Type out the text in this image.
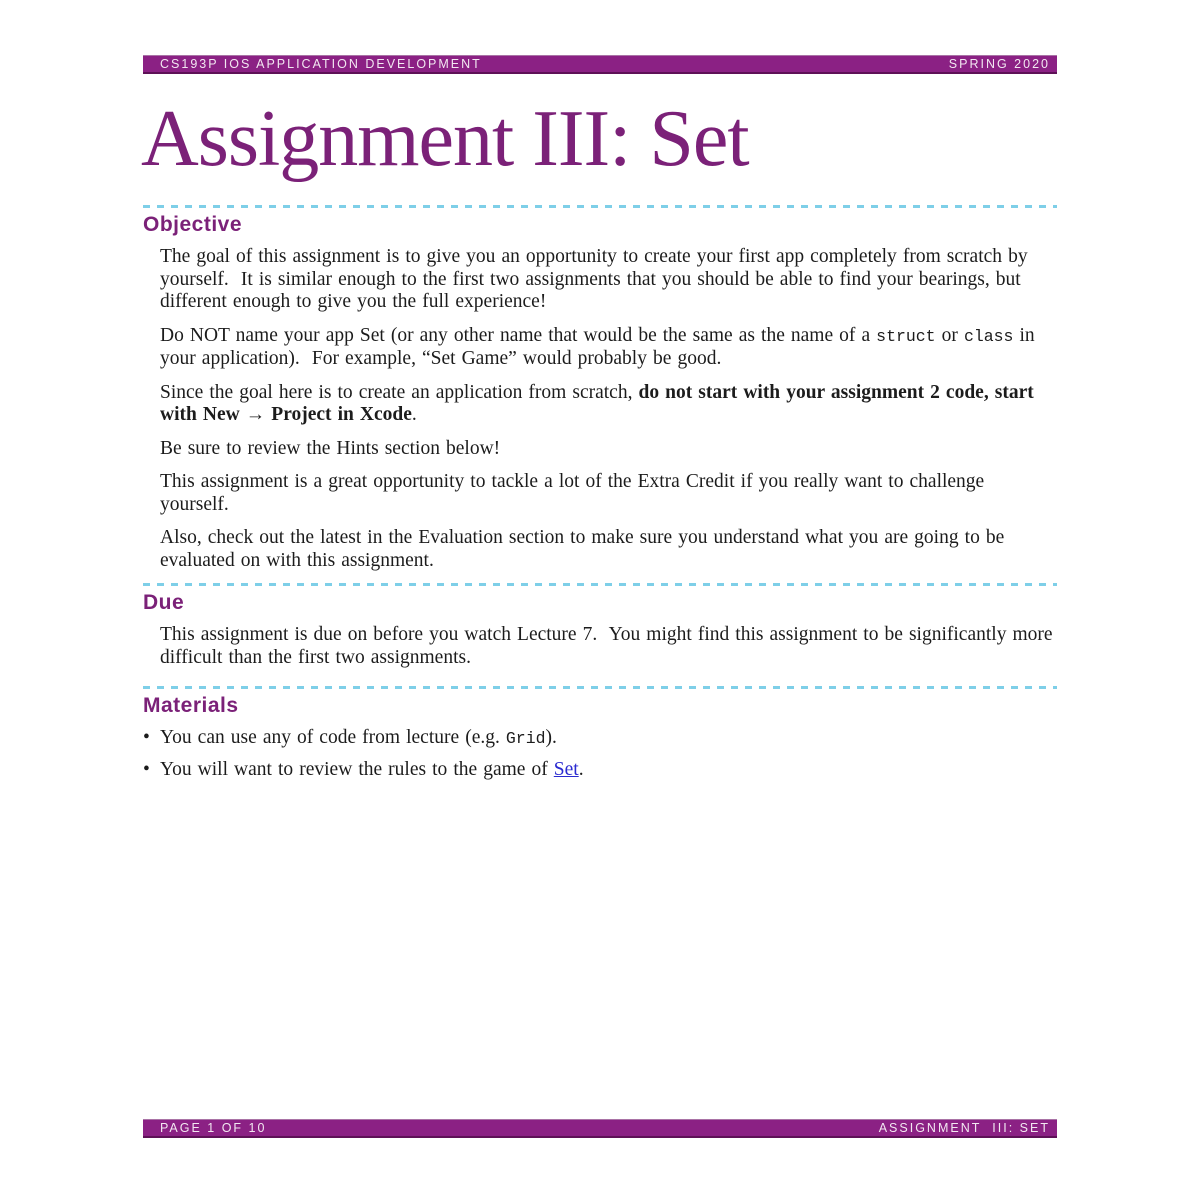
CS193P IOS APPLICATION DEVELOPMENT	SPRING 2020
Assignment III: Set
Objective

The goal of this assignment is to give you an opportunity to create your first app completely from scratch by yourself.  It is similar enough to the first two assignments that you should be able to find your bearings, but different enough to give you the full experience!

Do NOT name your app Set (or any other name that would be the same as the name of a struct or class in your application).  For example, “Set Game” would probably be good.

Since the goal here is to create an application from scratch, do not start with your assignment 2 code, start with New → Project in Xcode.

Be sure to review the Hints section below!

This assignment is a great opportunity to tackle a lot of the Extra Credit if you really want to challenge yourself.

Also, check out the latest in the Evaluation section to make sure you understand what you are going to be evaluated on with this assignment.

Due

This assignment is due on before you watch Lecture 7.  You might find this assignment to be significantly more difficult than the first two assignments.

Materials
• You can use any of code from lecture (e.g. Grid).
• You will want to review the rules to the game of Set.
PAGE 1 OF 10	ASSIGNMENT  III: SET
